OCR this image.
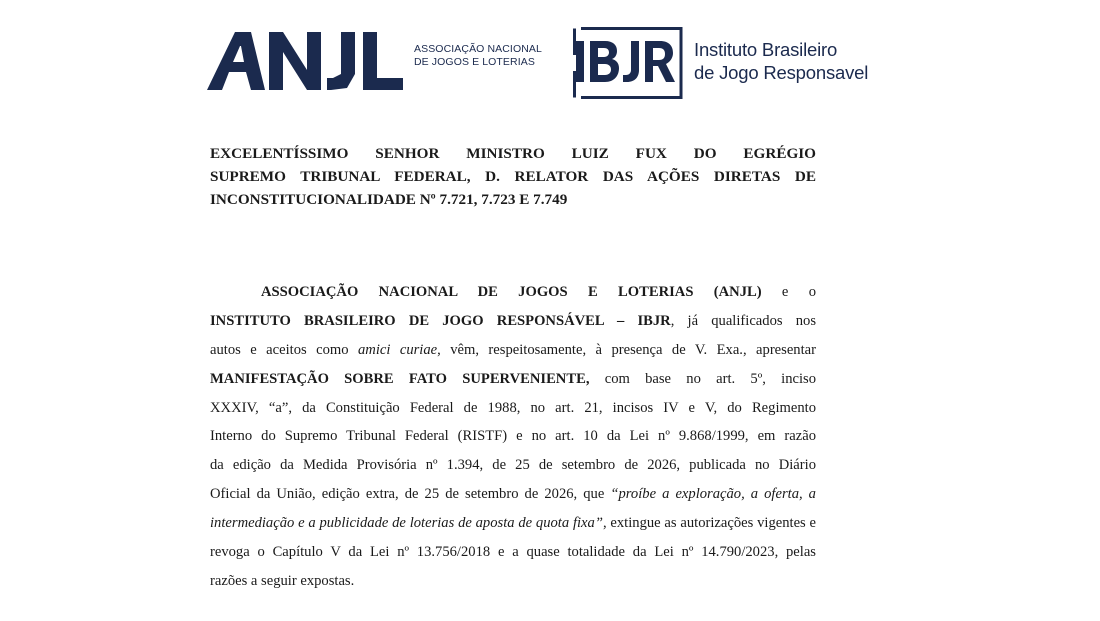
ASSOCIAÇÃO NACIONAL
DE JOGOS E LOTERIAS
Instituto Brasileiro
de Jogo Responsavel
EXCELENTÍSSIMO SENHOR MINISTRO LUIZ FUX DO EGRÉGIO
SUPREMO TRIBUNAL FEDERAL, D. RELATOR DAS AÇÕES DIRETAS DE
INCONSTITUCIONALIDADE Nº 7.721, 7.723 E 7.749
ASSOCIAÇÃO NACIONAL DE JOGOS E LOTERIAS (ANJL) e o
INSTITUTO BRASILEIRO DE JOGO RESPONSÁVEL – IBJR, já qualificados nos
autos e aceitos como amici curiae, vêm, respeitosamente, à presença de V. Exa., apresentar
MANIFESTAÇÃO SOBRE FATO SUPERVENIENTE, com base no art. 5º, inciso
XXXIV, “a”, da Constituição Federal de 1988, no art. 21, incisos IV e V, do Regimento
Interno do Supremo Tribunal Federal (RISTF) e no art. 10 da Lei nº 9.868/1999, em razão
da edição da Medida Provisória nº 1.394, de 25 de setembro de 2026, publicada no Diário
Oficial da União, edição extra, de 25 de setembro de 2026, que “proíbe a exploração, a oferta, a
intermediação e a publicidade de loterias de aposta de quota fixa”, extingue as autorizações vigentes e
revoga o Capítulo V da Lei nº 13.756/2018 e a quase totalidade da Lei nº 14.790/2023, pelas
razões a seguir expostas.
